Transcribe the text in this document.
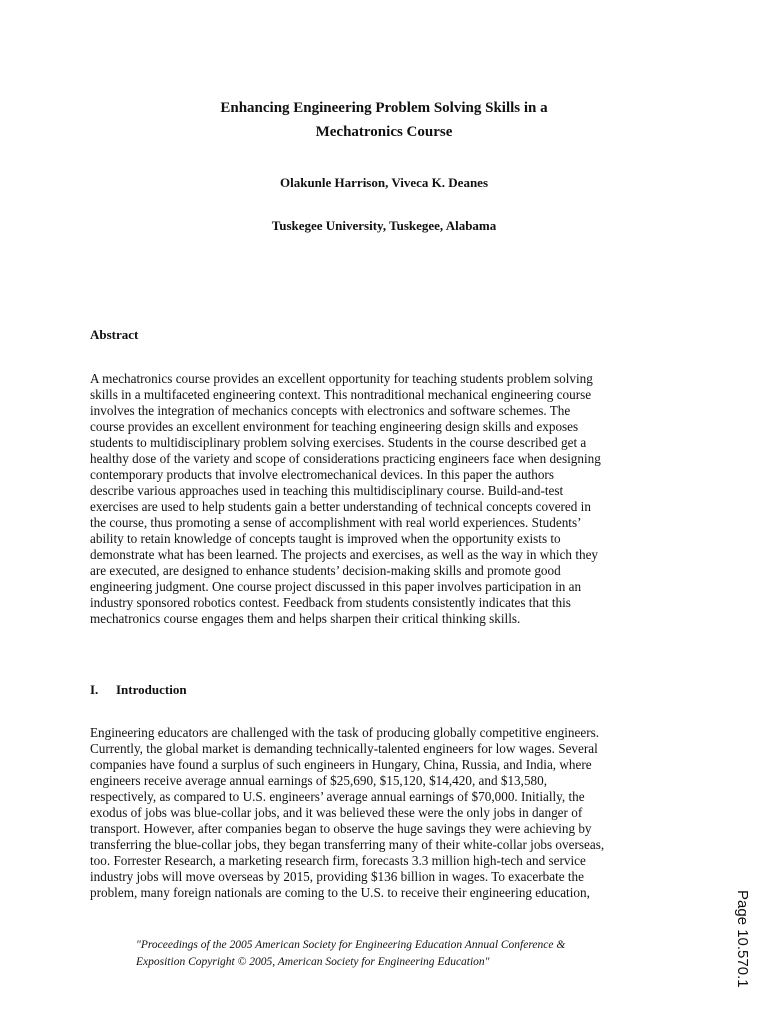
Enhancing Engineering Problem Solving Skills in a
Mechatronics Course
Olakunle Harrison, Viveca K. Deanes
Tuskegee University, Tuskegee, Alabama
Abstract

A mechatronics course provides an excellent opportunity for teaching students problem solving
skills in a multifaceted engineering context. This nontraditional mechanical engineering course
involves the integration of mechanics concepts with electronics and software schemes. The
course provides an excellent environment for teaching engineering design skills and exposes
students to multidisciplinary problem solving exercises. Students in the course described get a
healthy dose of the variety and scope of considerations practicing engineers face when designing
contemporary products that involve electromechanical devices. In this paper the authors
describe various approaches used in teaching this multidisciplinary course. Build-and-test
exercises are used to help students gain a better understanding of technical concepts covered in
the course, thus promoting a sense of accomplishment with real world experiences. Students’
ability to retain knowledge of concepts taught is improved when the opportunity exists to
demonstrate what has been learned. The projects and exercises, as well as the way in which they
are executed, are designed to enhance students’ decision-making skills and promote good
engineering judgment. One course project discussed in this paper involves participation in an
industry sponsored robotics contest. Feedback from students consistently indicates that this
mechatronics course engages them and helps sharpen their critical thinking skills.

I. Introduction

Engineering educators are challenged with the task of producing globally competitive engineers.
Currently, the global market is demanding technically-talented engineers for low wages. Several
companies have found a surplus of such engineers in Hungary, China, Russia, and India, where
engineers receive average annual earnings of $25,690, $15,120, $14,420, and $13,580,
respectively, as compared to U.S. engineers’ average annual earnings of $70,000. Initially, the
exodus of jobs was blue-collar jobs, and it was believed these were the only jobs in danger of
transport. However, after companies began to observe the huge savings they were achieving by
transferring the blue-collar jobs, they began transferring many of their white-collar jobs overseas,
too. Forrester Research, a marketing research firm, forecasts 3.3 million high-tech and service
industry jobs will move overseas by 2015, providing $136 billion in wages. To exacerbate the
problem, many foreign nationals are coming to the U.S. to receive their engineering education,

"Proceedings of the 2005 American Society for Engineering Education Annual Conference &
Exposition Copyright © 2005, American Society for Engineering Education"	Page 10.570.1
